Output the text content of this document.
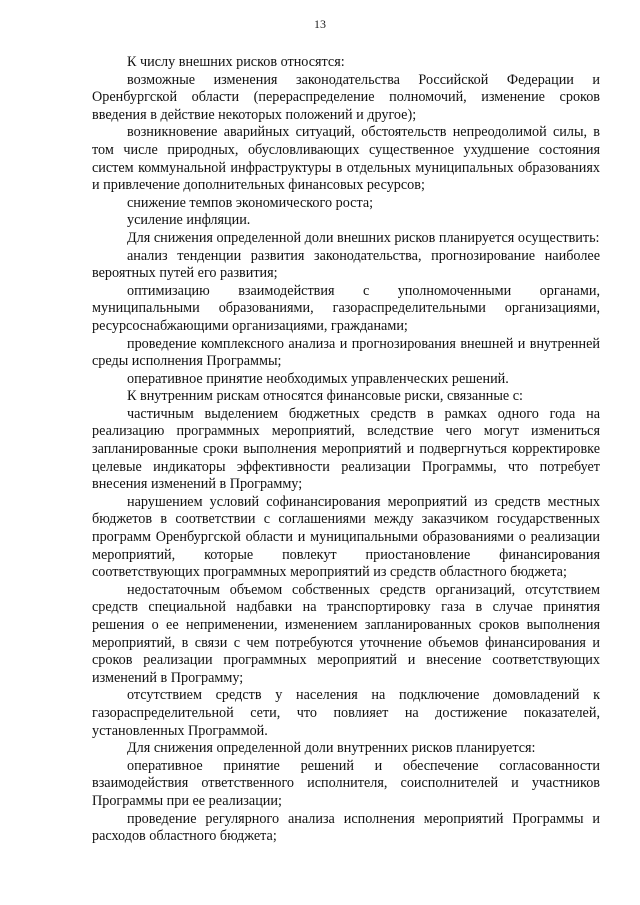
13

К числу внешних рисков относятся:

возможные изменения законодательства Российской Федерации и Оренбургской области (перераспределение полномочий, изменение сроков введения в действие некоторых положений и другое);

возникновение аварийных ситуаций, обстоятельств непреодолимой силы, в том числе природных, обусловливающих существенное ухудшение состояния систем коммунальной инфраструктуры в отдельных муниципальных образованиях и привлечение дополнительных финансовых ресурсов;

снижение темпов экономического роста;

усиление инфляции.

Для снижения определенной доли внешних рисков планируется осуществить:

анализ тенденции развития законодательства, прогнозирование наиболее вероятных путей его развития;

оптимизацию взаимодействия с уполномоченными органами, муниципальными образованиями, газораспределительными организациями, ресурсоснабжающими организациями, гражданами;

проведение комплексного анализа и прогнозирования внешней и внутренней среды исполнения Программы;

оперативное принятие необходимых управленческих решений.

К внутренним рискам относятся финансовые риски, связанные с:

частичным выделением бюджетных средств в рамках одного года на реализацию программных мероприятий, вследствие чего могут измениться запланированные сроки выполнения мероприятий и подвергнуться корректировке целевые индикаторы эффективности реализации Программы, что потребует внесения изменений в Программу;

нарушением условий софинансирования мероприятий из средств местных бюджетов в соответствии с соглашениями между заказчиком государственных программ Оренбургской области и муниципальными образованиями о реализации мероприятий, которые повлекут приостановление финансирования соответствующих программных мероприятий из средств областного бюджета;

недостаточным объемом собственных средств организаций, отсутствием средств специальной надбавки на транспортировку газа в случае принятия решения о ее неприменении, изменением запланированных сроков выполнения мероприятий, в связи с чем потребуются уточнение объемов финансирования и сроков реализации программных мероприятий и внесение соответствующих изменений в Программу;

отсутствием средств у населения на подключение домовладений к газораспределительной сети, что повлияет на достижение показателей, установленных Программой.

Для снижения определенной доли внутренних рисков планируется:

оперативное принятие решений и обеспечение согласованности взаимодействия ответственного исполнителя, соисполнителей и участников Программы при ее реализации;

проведение регулярного анализа исполнения мероприятий Программы и расходов областного бюджета;
